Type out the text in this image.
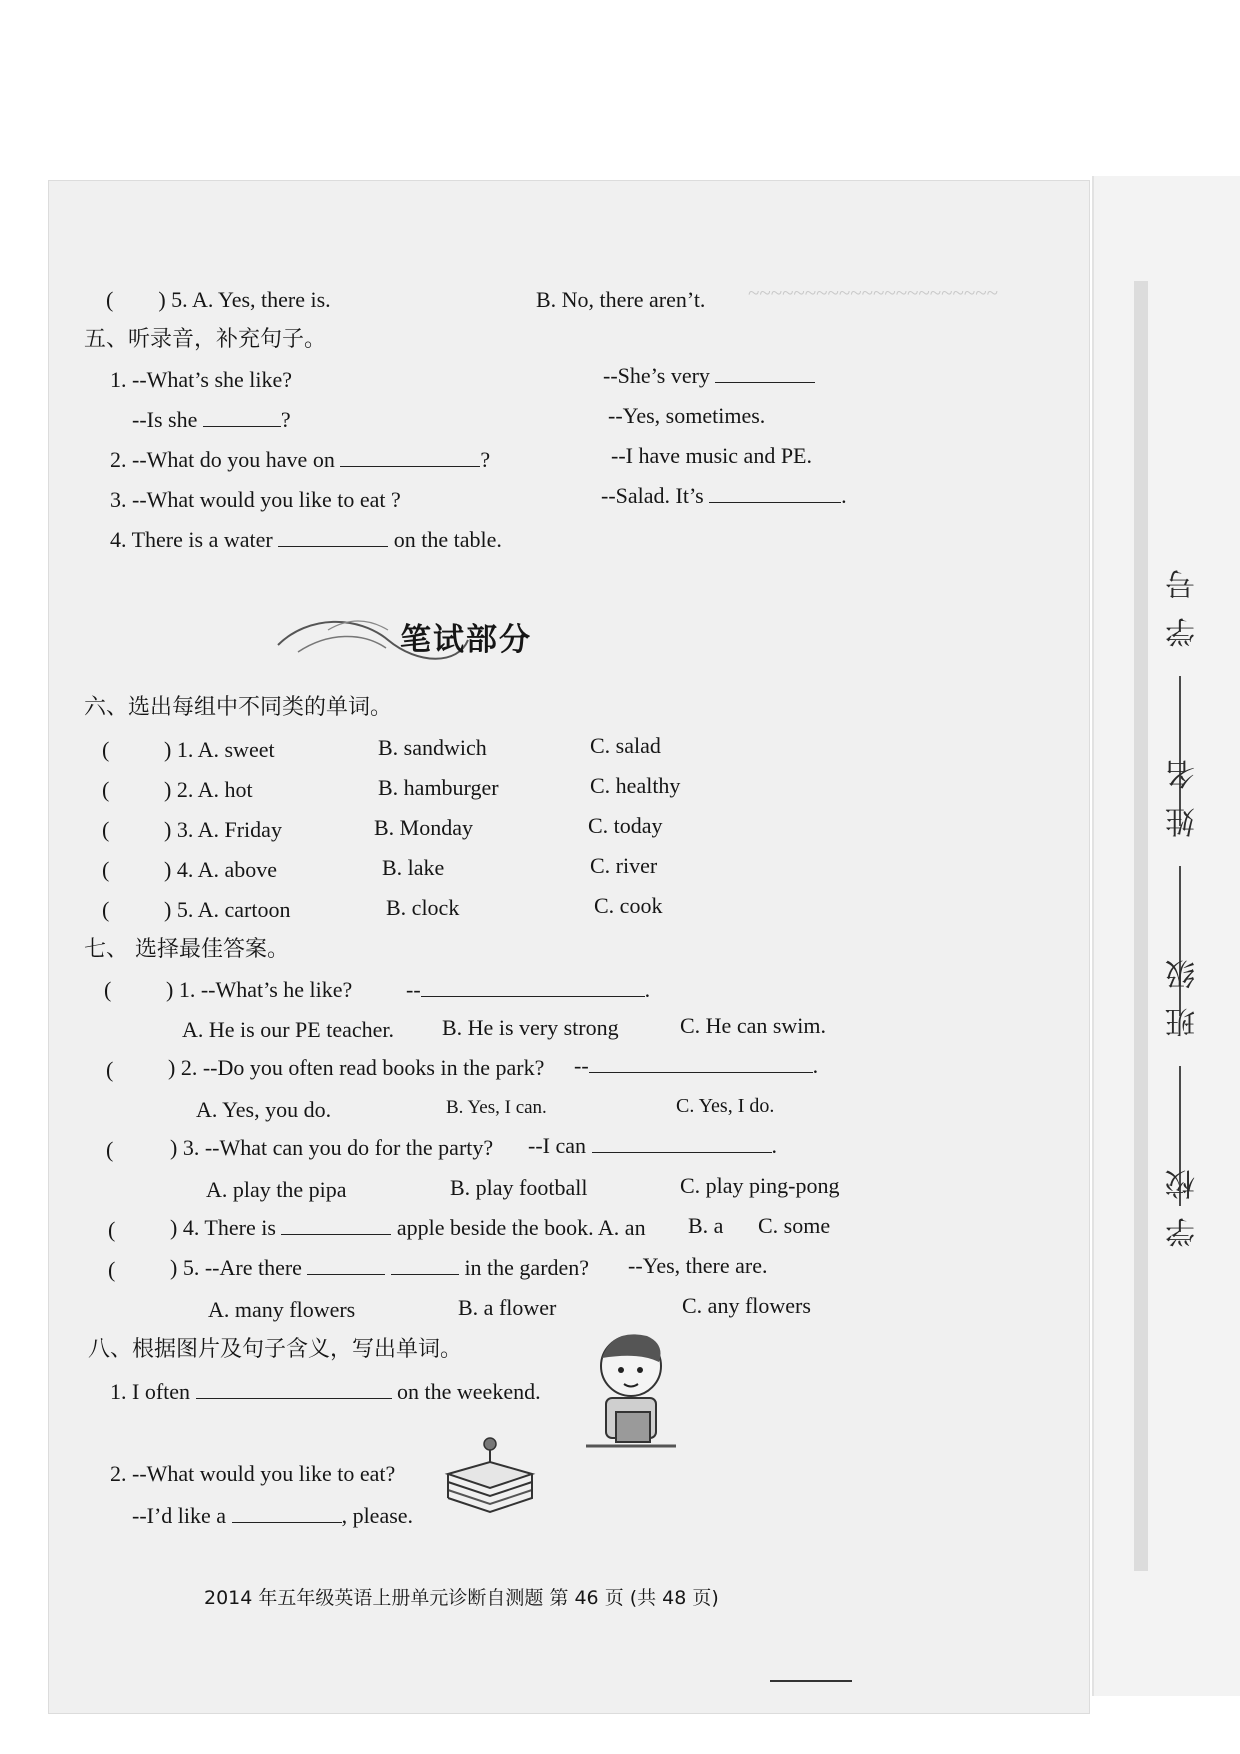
学号
姓名
班级
学校
~~~~~~~~~~~~~~~~~~~~~~
( ) 5. A. Yes, there is.	B. No, there aren’t.
五、听录音，补充句子。
1. --What’s she like?	--She’s very
--Is she	?	--Yes, sometimes.
2. --What do you have on	?	--I have music and PE.
3. --What would you like to eat ?	--Salad. It’s	.
4. There is a water	on the table.
笔试部分
六、选出每组中不同类的单词。
( ) 1. A. sweet	B. sandwich	C. salad
( ) 2. A. hot	B. hamburger	C. healthy
( ) 3. A. Friday	B. Monday	C. today
( ) 4. A. above	B. lake	C. river
( ) 5. A. cartoon	B. clock	C. cook
七、 选择最佳答案。
( ) 1. --What’s he like? --	.
A. He is our PE teacher. B. He is very strong	C. He can swim.
( ) 2. --Do you often read books in the park? --	.
A. Yes, you do.	B. Yes, I can.	C. Yes, I do.
(	) 3. --What can you do for the party? --I can	.
A. play the pipa	B. play football	C. play ping-pong
( ) 4. There is	apple beside the book. A. an B. a C. some
( ) 5. --Are there	in the garden? --Yes, there are.
A. many flowers	B. a flower	C. any flowers
八、根据图片及句子含义，写出单词。
1. I often	on the weekend.
2. --What would you like to eat?
--I’d like a	, please.
2014 年五年级英语上册单元诊断自测题 第 46 页 (共 48 页)
